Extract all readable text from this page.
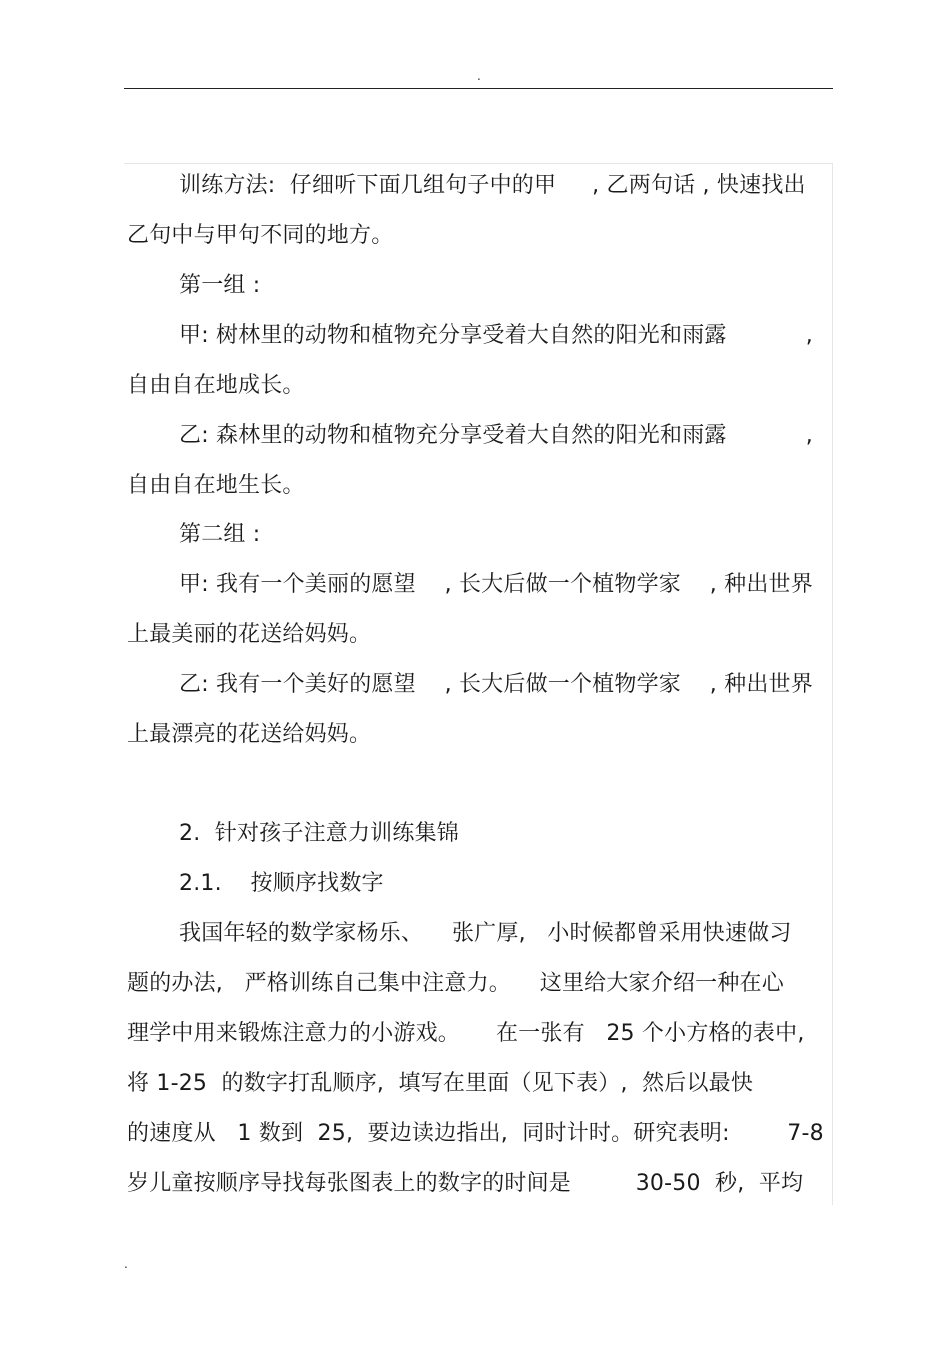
.
训练方法:  仔细听下面几组句子中的甲     , 乙两句话 , 快速找出
乙句中与甲句不同的地方。
第一组 :
甲: 树林里的动物和植物充分享受着大自然的阳光和雨露           ,
自由自在地成长。
乙: 森林里的动物和植物充分享受着大自然的阳光和雨露           ,
自由自在地生长。
第二组 :
甲: 我有一个美丽的愿望    , 长大后做一个植物学家    , 种出世界
上最美丽的花送给妈妈。
乙: 我有一个美好的愿望    , 长大后做一个植物学家    , 种出世界
上最漂亮的花送给妈妈。
2.  针对孩子注意力训练集锦
2.1.    按顺序找数字
我国年轻的数学家杨乐、    张广厚,   小时候都曾采用快速做习
题的办法,   严格训练自己集中注意力。    这里给大家介绍一种在心
理学中用来锻炼注意力的小游戏。     在一张有   25 个小方格的表中,
将 1-25  的数字打乱顺序,  填写在里面（见下表）,  然后以最快
的速度从   1 数到  25,  要边读边指出,  同时计时。研究表明:        7-8
岁儿童按顺序导找每张图表上的数字的时间是         30-50  秒,  平均
.
